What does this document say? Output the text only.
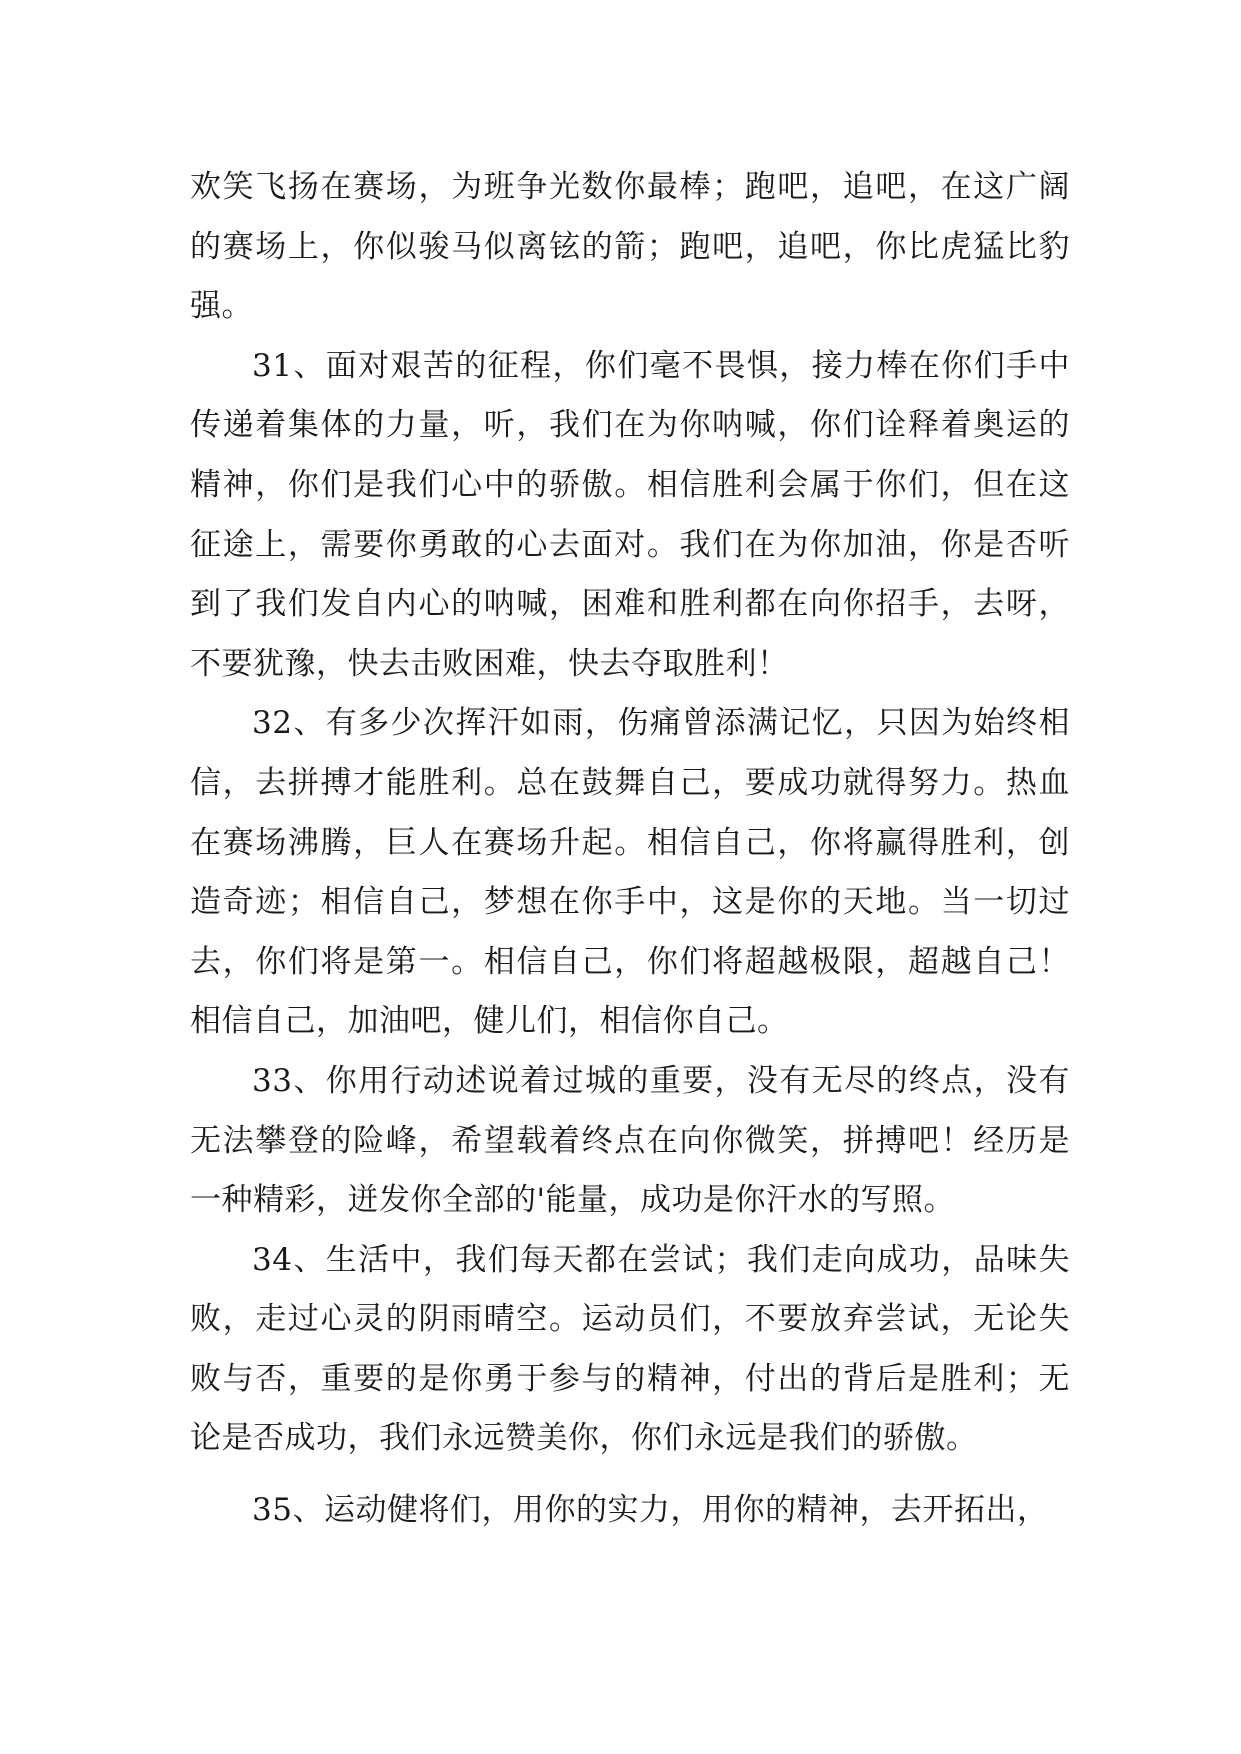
欢笑飞扬在赛场，为班争光数你最棒；跑吧，追吧，在这广阔的赛场上，你似骏马似离铉的箭；跑吧，追吧，你比虎猛比豹强。

31、面对艰苦的征程，你们毫不畏惧，接力棒在你们手中传递着集体的力量，听，我们在为你呐喊，你们诠释着奥运的精神，你们是我们心中的骄傲。相信胜利会属于你们，但在这征途上，需要你勇敢的心去面对。我们在为你加油，你是否听到了我们发自内心的呐喊，困难和胜利都在向你招手，去呀，不要犹豫，快去击败困难，快去夺取胜利！

32、有多少次挥汗如雨，伤痛曾添满记忆，只因为始终相信，去拼搏才能胜利。总在鼓舞自己，要成功就得努力。热血在赛场沸腾，巨人在赛场升起。相信自己，你将赢得胜利，创造奇迹；相信自己，梦想在你手中，这是你的天地。当一切过去，你们将是第一。相信自己，你们将超越极限，超越自己！相信自己，加油吧，健儿们，相信你自己。

33、你用行动述说着过城的重要，没有无尽的终点，没有无法攀登的险峰，希望载着终点在向你微笑，拼搏吧！经历是一种精彩，迸发你全部的'能量，成功是你汗水的写照。

34、生活中，我们每天都在尝试；我们走向成功，品味失败，走过心灵的阴雨晴空。运动员们，不要放弃尝试，无论失败与否，重要的是你勇于参与的精神，付出的背后是胜利；无论是否成功，我们永远赞美你，你们永远是我们的骄傲。

35、运动健将们，用你的实力，用你的精神，去开拓出，
